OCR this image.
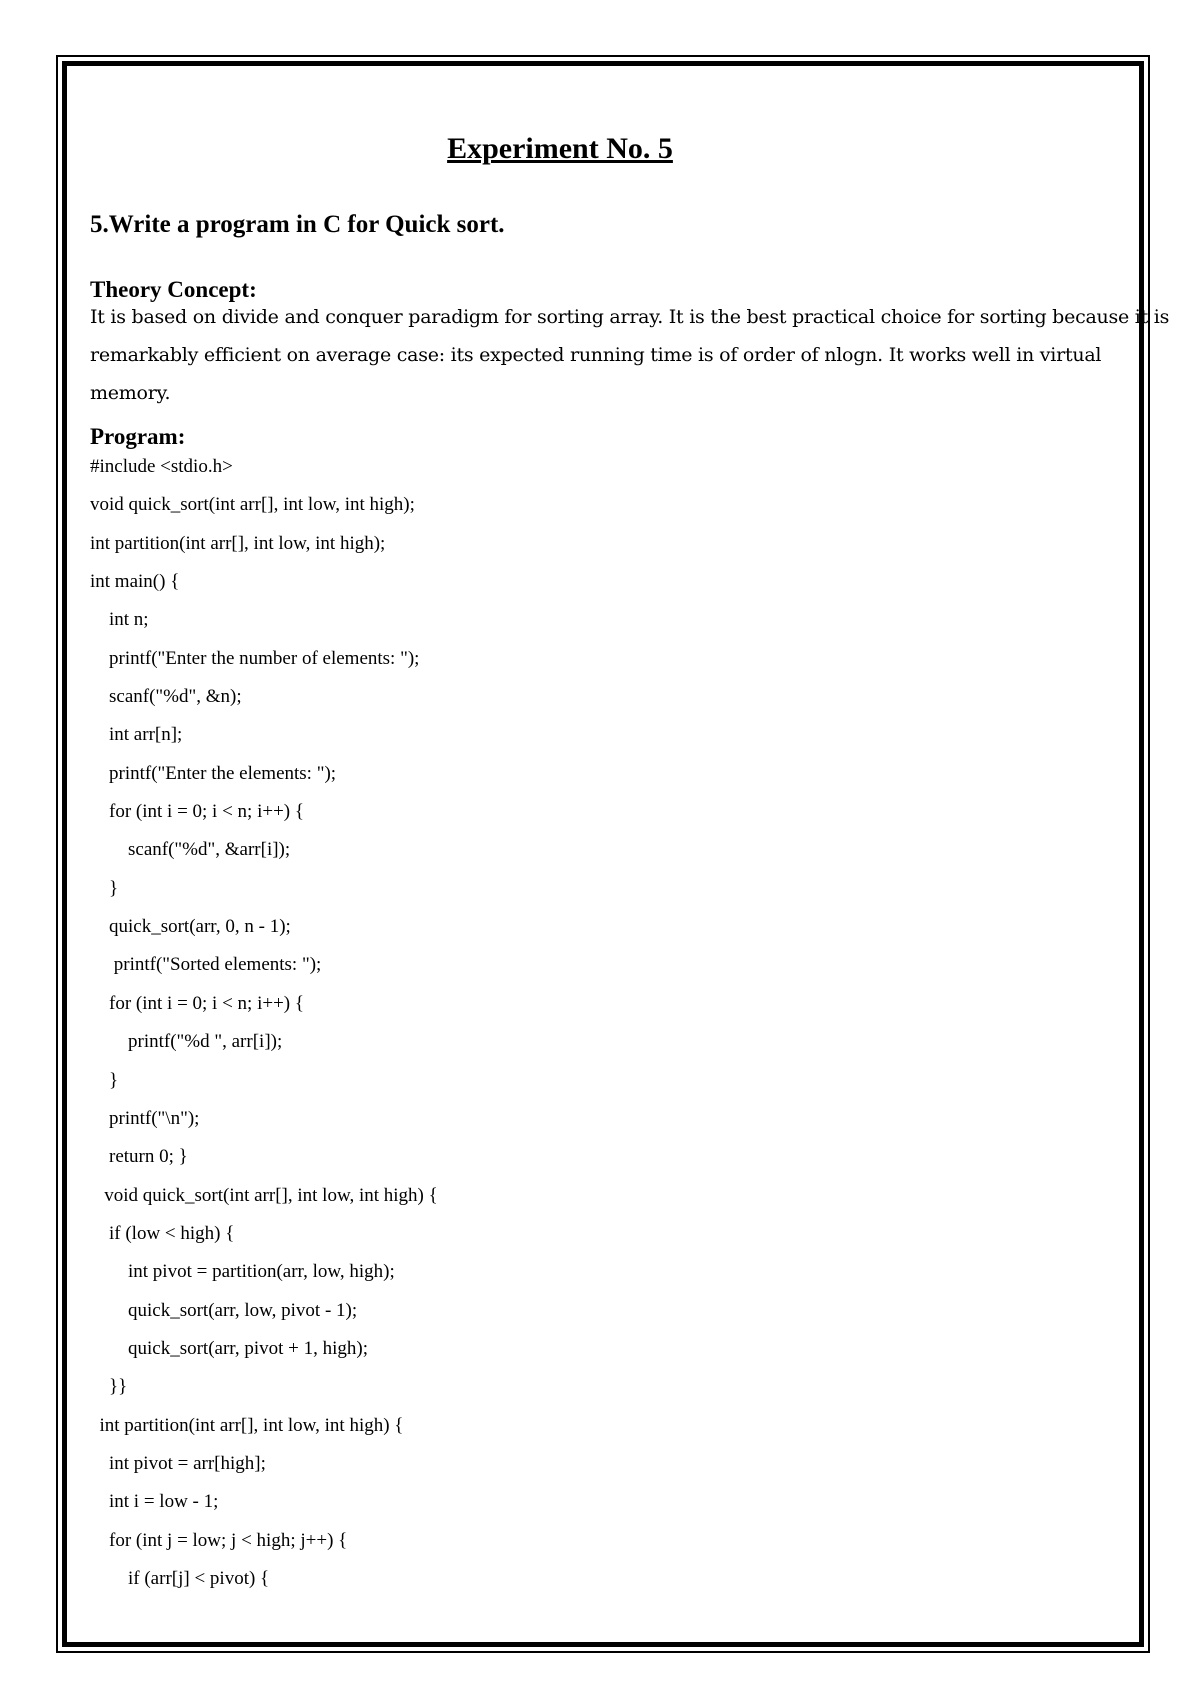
Experiment No. 5
5.Write a program in C for Quick sort.
Theory Concept:
It is based on divide and conquer paradigm for sorting array. It is the best practical choice for sorting because it is
remarkably efficient on average case: its expected running time is of order of nlogn. It works well in virtual
memory.
Program:
#include <stdio.h>
void quick_sort(int arr[], int low, int high);
int partition(int arr[], int low, int high);
int main() {
int n;
printf("Enter the number of elements: ");
scanf("%d", &n);
int arr[n];
printf("Enter the elements: ");
for (int i = 0; i < n; i++) {
scanf("%d", &arr[i]);
}
quick_sort(arr, 0, n - 1);
printf("Sorted elements: ");
for (int i = 0; i < n; i++) {
printf("%d ", arr[i]);
}
printf("\n");
return 0; }
void quick_sort(int arr[], int low, int high) {
if (low < high) {
int pivot = partition(arr, low, high);
quick_sort(arr, low, pivot - 1);
quick_sort(arr, pivot + 1, high);
}}
int partition(int arr[], int low, int high) {
int pivot = arr[high];
int i = low - 1;
for (int j = low; j < high; j++) {
if (arr[j] < pivot) {
